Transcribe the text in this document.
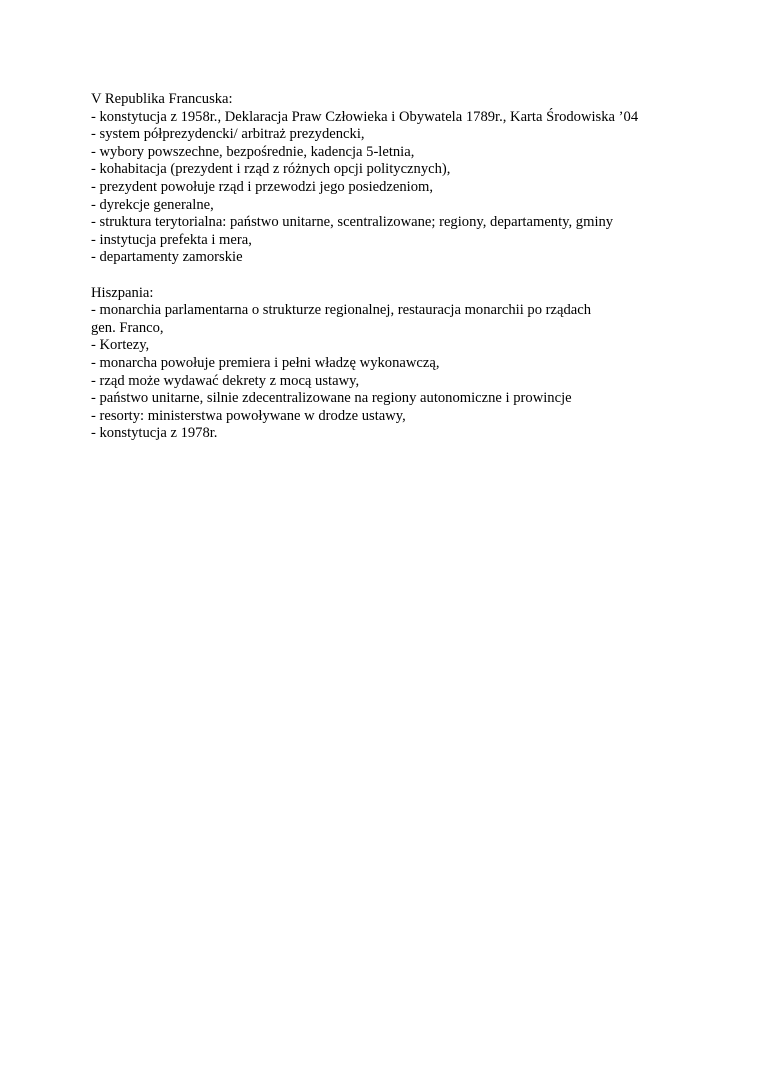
V Republika Francuska:
- konstytucja z 1958r., Deklaracja Praw Człowieka i Obywatela 1789r., Karta Środowiska ’04
- system półprezydencki/ arbitraż prezydencki,
- wybory powszechne, bezpośrednie, kadencja 5-letnia,
- kohabitacja (prezydent i rząd z różnych opcji politycznych),
- prezydent powołuje rząd i przewodzi jego posiedzeniom,
- dyrekcje generalne,
- struktura terytorialna: państwo unitarne, scentralizowane; regiony, departamenty, gminy
- instytucja prefekta i mera,
- departamenty zamorskie
Hiszpania:
- monarchia parlamentarna o strukturze regionalnej, restauracja monarchii po rządach
gen. Franco,
- Kortezy,
- monarcha powołuje premiera i pełni władzę wykonawczą,
- rząd może wydawać dekrety z mocą ustawy,
- państwo unitarne, silnie zdecentralizowane na regiony autonomiczne i prowincje
- resorty: ministerstwa powoływane w drodze ustawy,
- konstytucja z 1978r.
